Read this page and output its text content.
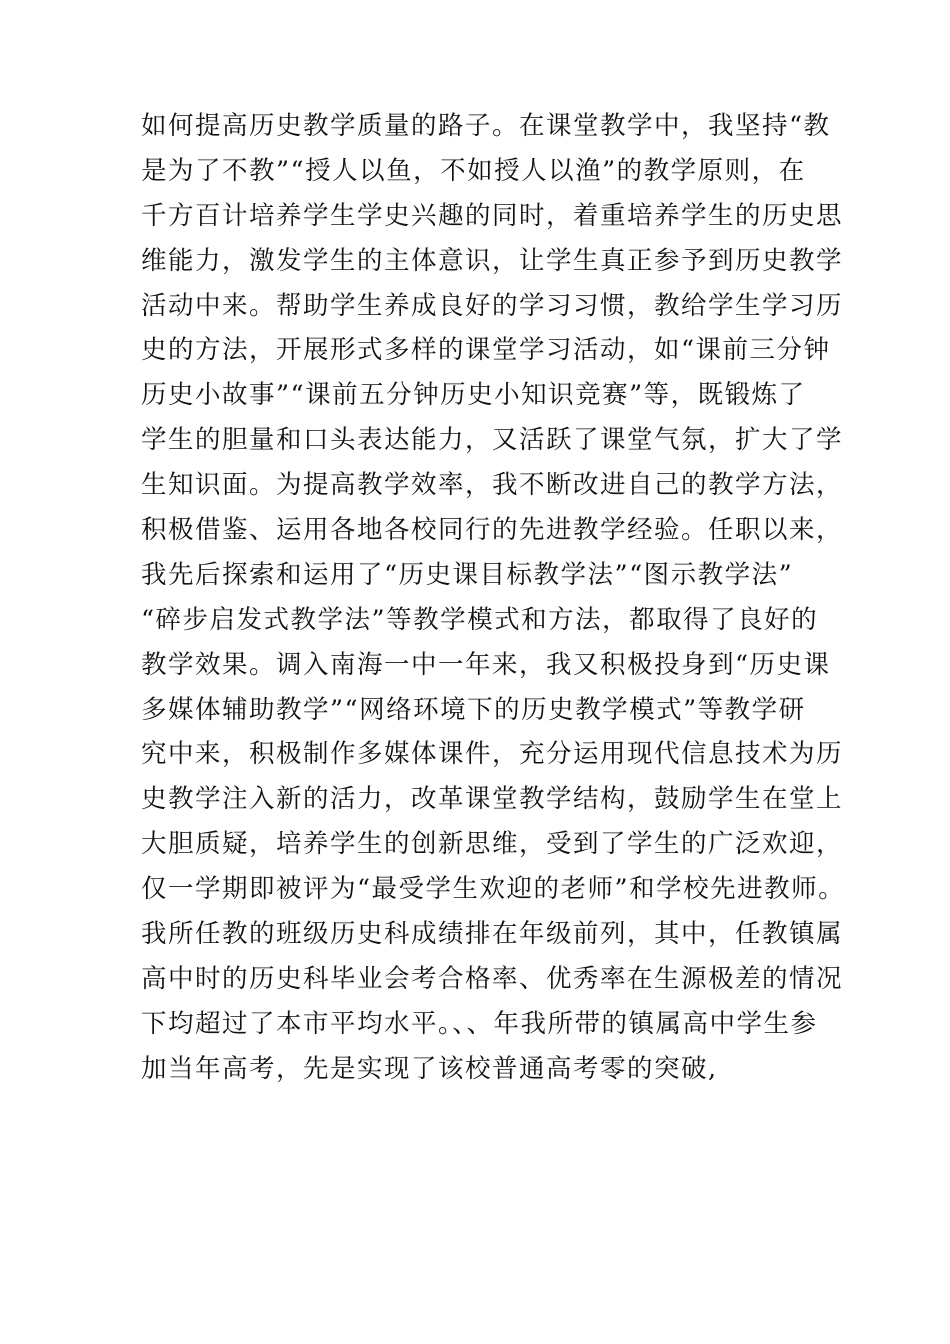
如何提高历史教学质量的路子。在课堂教学中，我坚持“教
是为了不教”“授人以鱼，不如授人以渔”的教学原则，在
千方百计培养学生学史兴趣的同时，着重培养学生的历史思
维能力，激发学生的主体意识，让学生真正参予到历史教学
活动中来。帮助学生养成良好的学习习惯，教给学生学习历
史的方法，开展形式多样的课堂学习活动，如“课前三分钟
历史小故事”“课前五分钟历史小知识竞赛”等，既锻炼了
学生的胆量和口头表达能力，又活跃了课堂气氛，扩大了学
生知识面。为提高教学效率，我不断改进自己的教学方法，
积极借鉴、运用各地各校同行的先进教学经验。任职以来，
我先后探索和运用了“历史课目标教学法”“图示教学法”
“碎步启发式教学法”等教学模式和方法，都取得了良好的
教学效果。调入南海一中一年来，我又积极投身到“历史课
多媒体辅助教学”“网络环境下的历史教学模式”等教学研
究中来，积极制作多媒体课件，充分运用现代信息技术为历
史教学注入新的活力，改革课堂教学结构，鼓励学生在堂上
大胆质疑，培养学生的创新思维，受到了学生的广泛欢迎，
仅一学期即被评为“最受学生欢迎的老师”和学校先进教师。
我所任教的班级历史科成绩排在年级前列，其中，任教镇属
高中时的历史科毕业会考合格率、优秀率在生源极差的情况
下均超过了本市平均水平。、、年我所带的镇属高中学生参
加当年高考，先是实现了该校普通高考零的突破,
